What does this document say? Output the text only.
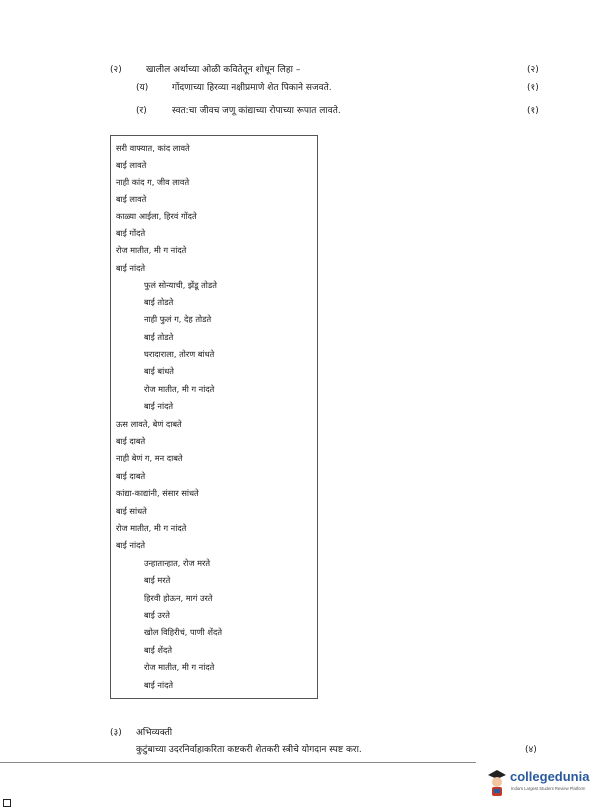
(२)	खालील अर्थाच्या ओळी कवितेतून शोधून लिहा –	(२)
(य)	गोंदणाच्या हिरव्या नक्षीप्रमाणे शेत पिकाने सजवते.	(१)
(र)	स्वत:चा जीवच जणू कांद्याच्या रोपाच्या रूपात लावते.	(१)
सरी वाफ्यात, कांद लावते
बाई लावते
नाही कांद ग, जीव लावते
बाई लावते
काळ्या आईला, हिरवं गोंदते
बाई गोंदते
रोज मातीत, मी ग नांदते
बाई नांदते
फुलं सोन्याची, झेंडू तोडते
बाई तोडते
नाही फुलं ग, देह तोडते
बाई तोडते
घरादाराला, तोरण बांधते
बाई बांधते
रोज मातीत, मी ग नांदते
बाई नांदते
ऊस लावते, बेणं दाबते
बाई दाबते
नाही बेणं ग, मन दाबते
बाई दाबते
कांद्या-काद्यांनी, संसार सांधते
बाई सांधते
रोज मातीत, मी ग नांदते
बाई नांदते
उन्हातान्हात, रोज मरते
बाई मरते
हिरवी होऊन, मागं उरते
बाई उरते
खोल विहिरीचं, पाणी शेंदते
बाई शेंदते
रोज मातीत, मी ग नांदते
बाई नांदते
(३) अभिव्यक्ती
कुटुंबाच्या उदरनिर्वाहाकरिता कष्टकरी शेतकरी स्त्रीचे योगदान स्पष्ट करा.	(४)
collegedunia
India's Largest Student Review Platform
